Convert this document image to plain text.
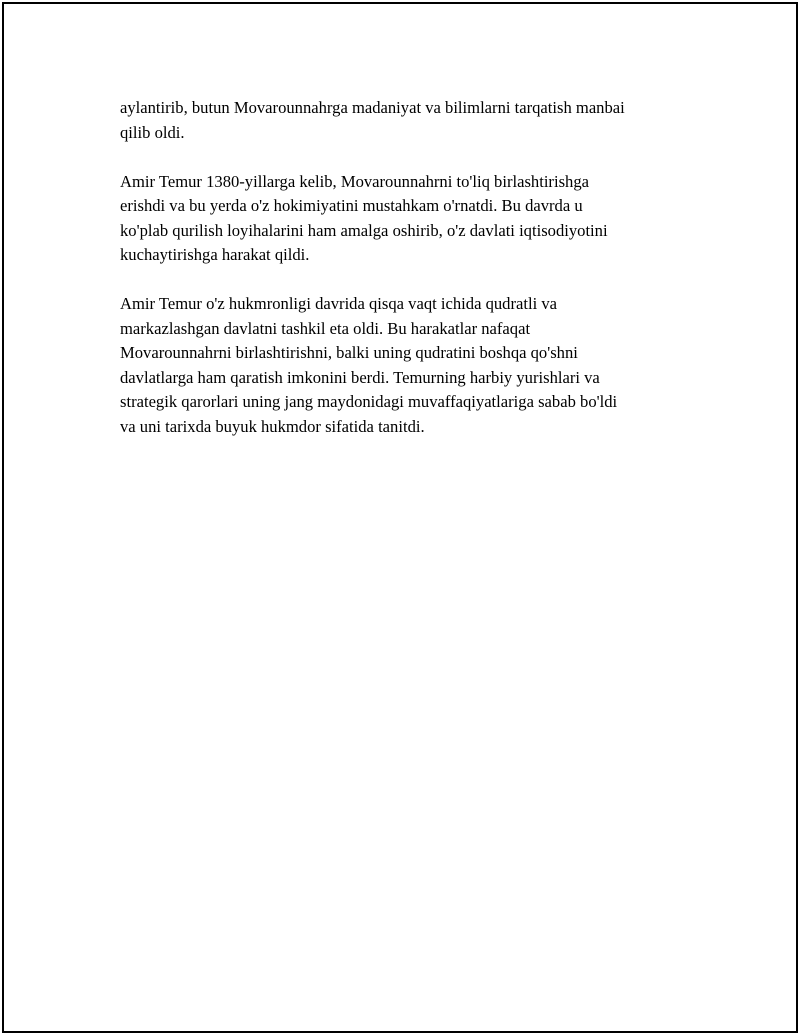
aylantirib, butun Movarounnahrga madaniyat va bilimlarni tarqatish manbai
qilib oldi.

Amir Temur 1380-yillarga kelib, Movarounnahrni to'liq birlashtirishga
erishdi va bu yerda o'z hokimiyatini mustahkam o'rnatdi. Bu davrda u
ko'plab qurilish loyihalarini ham amalga oshirib, o'z davlati iqtisodiyotini
kuchaytirishga harakat qildi.

Amir Temur o'z hukmronligi davrida qisqa vaqt ichida qudratli va
markazlashgan davlatni tashkil eta oldi. Bu harakatlar nafaqat
Movarounnahrni birlashtirishni, balki uning qudratini boshqa qo'shni
davlatlarga ham qaratish imkonini berdi. Temurning harbiy yurishlari va
strategik qarorlari uning jang maydonidagi muvaffaqiyatlariga sabab bo'ldi
va uni tarixda buyuk hukmdor sifatida tanitdi.
